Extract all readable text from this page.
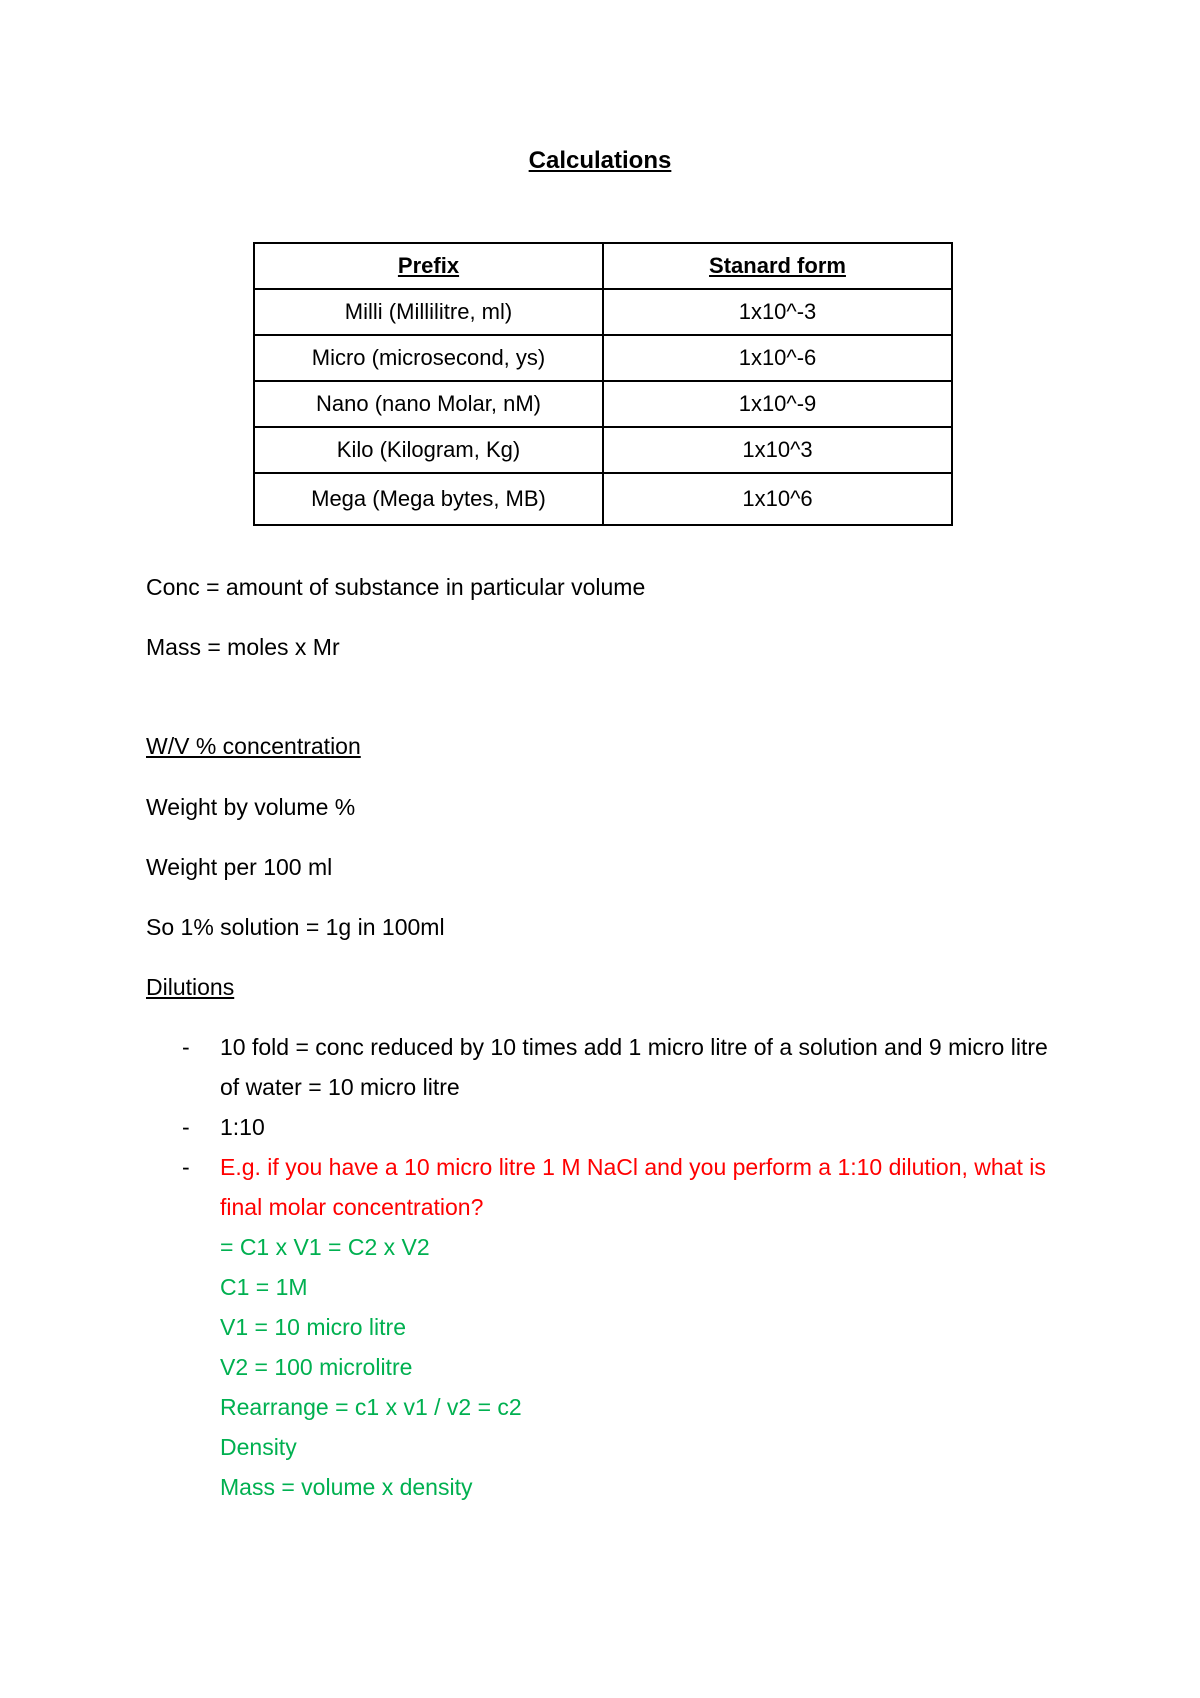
Calculations
Prefix	Stanard form
Milli (Millilitre, ml)	1x10^-3
Micro (microsecond, ys)	1x10^-6
Nano (nano Molar, nM)	1x10^-9
Kilo (Kilogram, Kg)	1x10^3
Mega (Mega bytes, MB)	1x10^6
Conc = amount of substance in particular volume
Mass = moles x Mr
W/V % concentration
Weight by volume %
Weight per 100 ml
So 1% solution = 1g in 100ml
Dilutions
- 10 fold = conc reduced by 10 times add 1 micro litre of a solution and 9 micro litre of water = 10 micro litre
- 1:10
- E.g. if you have a 10 micro litre 1 M NaCl and you perform a 1:10 dilution, what is final molar concentration?
= C1 x V1 = C2 x V2
C1 = 1M
V1 = 10 micro litre
V2 = 100 microlitre
Rearrange = c1 x v1 / v2 = c2
Density
Mass = volume x density
